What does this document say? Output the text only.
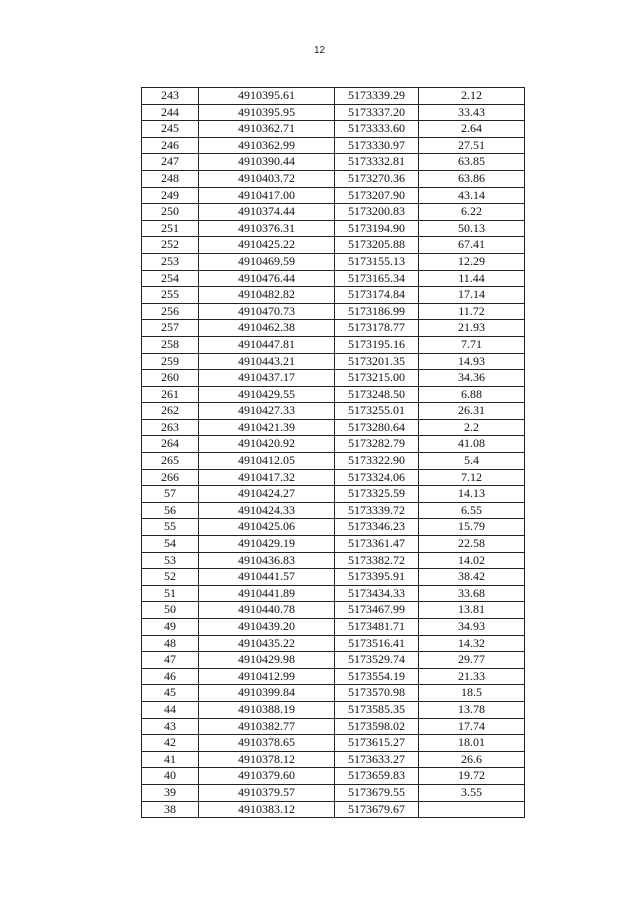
12
243	4910395.61	5173339.29	2.12
244	4910395.95	5173337.20	33.43
245	4910362.71	5173333.60	2.64
246	4910362.99	5173330.97	27.51
247	4910390.44	5173332.81	63.85
248	4910403.72	5173270.36	63.86
249	4910417.00	5173207.90	43.14
250	4910374.44	5173200.83	6.22
251	4910376.31	5173194.90	50.13
252	4910425.22	5173205.88	67.41
253	4910469.59	5173155.13	12.29
254	4910476.44	5173165.34	11.44
255	4910482.82	5173174.84	17.14
256	4910470.73	5173186.99	11.72
257	4910462.38	5173178.77	21.93
258	4910447.81	5173195.16	7.71
259	4910443.21	5173201.35	14.93
260	4910437.17	5173215.00	34.36
261	4910429.55	5173248.50	6.88
262	4910427.33	5173255.01	26.31
263	4910421.39	5173280.64	2.2
264	4910420.92	5173282.79	41.08
265	4910412.05	5173322.90	5.4
266	4910417.32	5173324.06	7.12
57	4910424.27	5173325.59	14.13
56	4910424.33	5173339.72	6.55
55	4910425.06	5173346.23	15.79
54	4910429.19	5173361.47	22.58
53	4910436.83	5173382.72	14.02
52	4910441.57	5173395.91	38.42
51	4910441.89	5173434.33	33.68
50	4910440.78	5173467.99	13.81
49	4910439.20	5173481.71	34.93
48	4910435.22	5173516.41	14.32
47	4910429.98	5173529.74	29.77
46	4910412.99	5173554.19	21.33
45	4910399.84	5173570.98	18.5
44	4910388.19	5173585.35	13.78
43	4910382.77	5173598.02	17.74
42	4910378.65	5173615.27	18.01
41	4910378.12	5173633.27	26.6
40	4910379.60	5173659.83	19.72
39	4910379.57	5173679.55	3.55
38	4910383.12	5173679.67	
